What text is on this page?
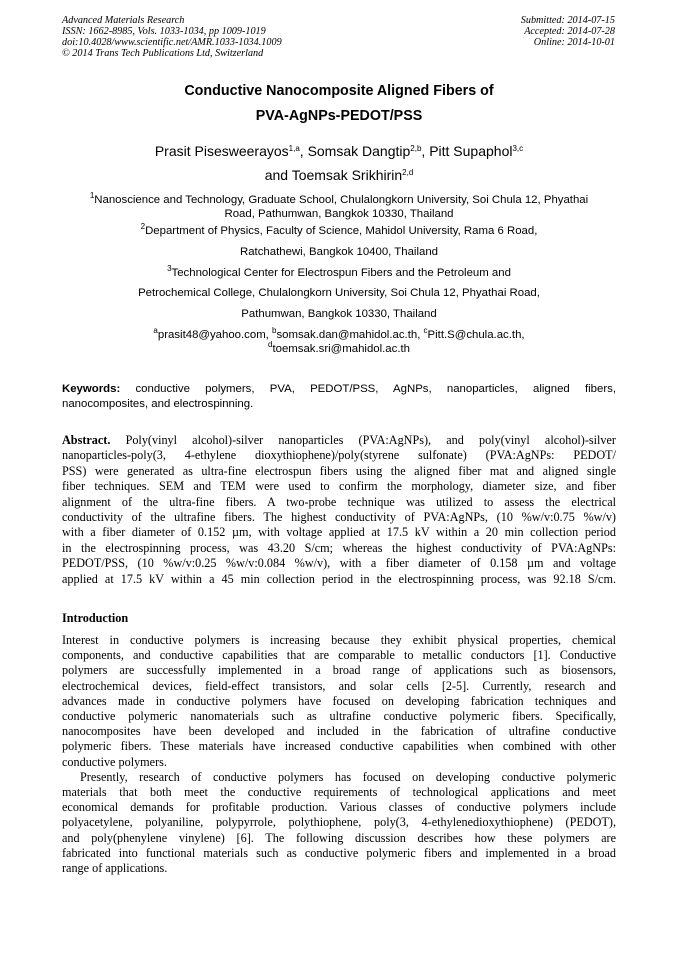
Advanced Materials Research
ISSN: 1662-8985, Vols. 1033-1034, pp 1009-1019
doi:10.4028/www.scientific.net/AMR.1033-1034.1009
© 2014 Trans Tech Publications Ltd, Switzerland
Submitted: 2014-07-15
Accepted: 2014-07-28
Online: 2014-10-01
Conductive Nanocomposite Aligned Fibers of
PVA-AgNPs-PEDOT/PSS
Prasit Pisesweerayos$^{1,a}$, Somsak Dangtip$^{2,b}$, Pitt Supaphol$^{3,c}$
and Toemsak Srikhirin$^{2,d}$
$^1$Nanoscience and Technology, Graduate School, Chulalongkorn University, Soi Chula 12, Phyathai
Road, Pathumwan, Bangkok 10330, Thailand
$^2$Department of Physics, Faculty of Science, Mahidol University, Rama 6 Road,
Ratchathewi, Bangkok 10400, Thailand
$^3$Technological Center for Electrospun Fibers and the Petroleum and
Petrochemical College, Chulalongkorn University, Soi Chula 12, Phyathai Road,
Pathumwan, Bangkok 10330, Thailand
$^a$prasit48@yahoo.com, $^b$somsak.dan@mahidol.ac.th, $^c$Pitt.S@chula.ac.th,
$^d$toemsak.sri@mahidol.ac.th
Keywords: conductive polymers, PVA, PEDOT/PSS, AgNPs, nanoparticles, aligned fibers,
nanocomposites, and electrospinning.
Abstract. Poly(vinyl alcohol)-silver nanoparticles (PVA:AgNPs), and poly(vinyl alcohol)-silver
nanoparticles-poly(3, 4-ethylene dioxythiophene)/poly(styrene sulfonate) (PVA:AgNPs: PEDOT/
PSS) were generated as ultra-fine electrospun fibers using the aligned fiber mat and aligned single
fiber techniques. SEM and TEM were used to confirm the morphology, diameter size, and fiber
alignment of the ultra-fine fibers. A two-probe technique was utilized to assess the electrical
conductivity of the ultrafine fibers. The highest conductivity of PVA:AgNPs, (10 %w/v:0.75 %w/v)
with a fiber diameter of 0.152 µm, with voltage applied at 17.5 kV within a 20 min collection period
in the electrospinning process, was 43.20 S/cm; whereas the highest conductivity of PVA:AgNPs:
PEDOT/PSS, (10 %w/v:0.25 %w/v:0.084 %w/v), with a fiber diameter of 0.158 µm and voltage
applied at 17.5 kV within a 45 min collection period in the electrospinning process, was 92.18 S/cm.
Introduction

Interest in conductive polymers is increasing because they exhibit physical properties, chemical
components, and conductive capabilities that are comparable to metallic conductors [1]. Conductive
polymers are successfully implemented in a broad range of applications such as biosensors,
electrochemical devices, field-effect transistors, and solar cells [2-5]. Currently, research and
advances made in conductive polymers have focused on developing fabrication techniques and
conductive polymeric nanomaterials such as ultrafine conductive polymeric fibers. Specifically,
nanocomposites have been developed and included in the fabrication of ultrafine conductive
polymeric fibers. These materials have increased conductive capabilities when combined with other
conductive polymers.

Presently, research of conductive polymers has focused on developing conductive polymeric
materials that both meet the conductive requirements of technological applications and meet
economical demands for profitable production. Various classes of conductive polymers include
polyacetylene, polyaniline, polypyrrole, polythiophene, poly(3, 4-ethylenedioxythiophene) (PEDOT),
and poly(phenylene vinylene) [6]. The following discussion describes how these polymers are
fabricated into functional materials such as conductive polymeric fibers and implemented in a broad
range of applications.
